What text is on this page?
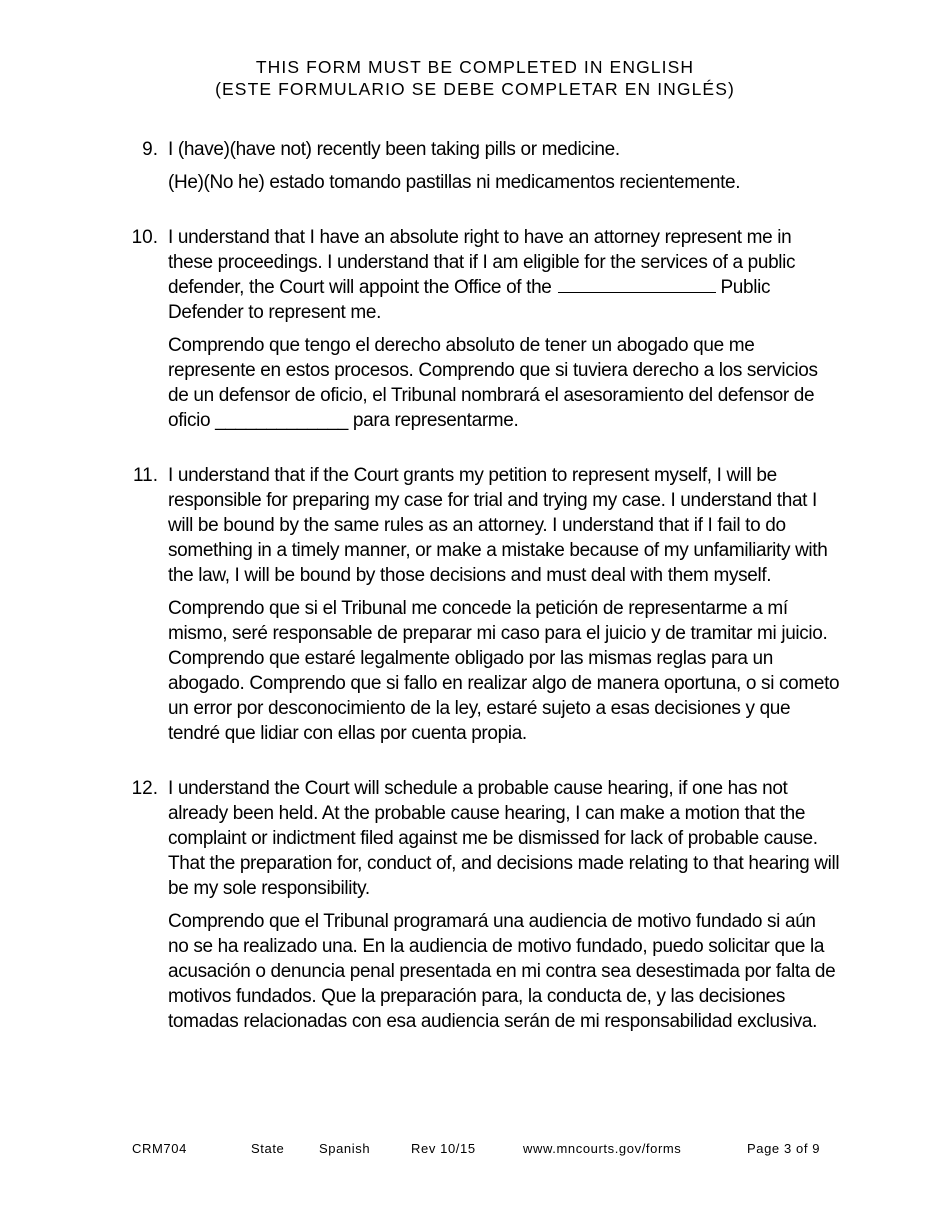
THIS FORM MUST BE COMPLETED IN ENGLISH
(ESTE FORMULARIO SE DEBE COMPLETAR EN INGLÉS)
9. I (have)(have not) recently been taking pills or medicine.

(He)(No he) estado tomando pastillas ni medicamentos recientemente.

10. I understand that I have an absolute right to have an attorney represent me in these proceedings. I understand that if I am eligible for the services of a public defender, the Court will appoint the Office of the	Public Defender to represent me.

Comprendo que tengo el derecho absoluto de tener un abogado que me represente en estos procesos. Comprendo que si tuviera derecho a los servicios de un defensor de oficio, el Tribunal nombrará el asesoramiento del defensor de oficio _____________ para representarme.

11. I understand that if the Court grants my petition to represent myself, I will be responsible for preparing my case for trial and trying my case. I understand that I will be bound by the same rules as an attorney. I understand that if I fail to do something in a timely manner, or make a mistake because of my unfamiliarity with the law, I will be bound by those decisions and must deal with them myself.

Comprendo que si el Tribunal me concede la petición de representarme a mí mismo, seré responsable de preparar mi caso para el juicio y de tramitar mi juicio. Comprendo que estaré legalmente obligado por las mismas reglas para un abogado. Comprendo que si fallo en realizar algo de manera oportuna, o si cometo un error por desconocimiento de la ley, estaré sujeto a esas decisiones y que tendré que lidiar con ellas por cuenta propia.

12. I understand the Court will schedule a probable cause hearing, if one has not already been held. At the probable cause hearing, I can make a motion that the complaint or indictment filed against me be dismissed for lack of probable cause. That the preparation for, conduct of, and decisions made relating to that hearing will be my sole responsibility.

Comprendo que el Tribunal programará una audiencia de motivo fundado si aún no se ha realizado una. En la audiencia de motivo fundado, puedo solicitar que la acusación o denuncia penal presentada en mi contra sea desestimada por falta de motivos fundados. Que la preparación para, la conducta de, y las decisiones tomadas relacionadas con esa audiencia serán de mi responsabilidad exclusiva.

CRM704	State	Spanish	Rev 10/15	www.mncourts.gov/forms	Page 3 of 9
